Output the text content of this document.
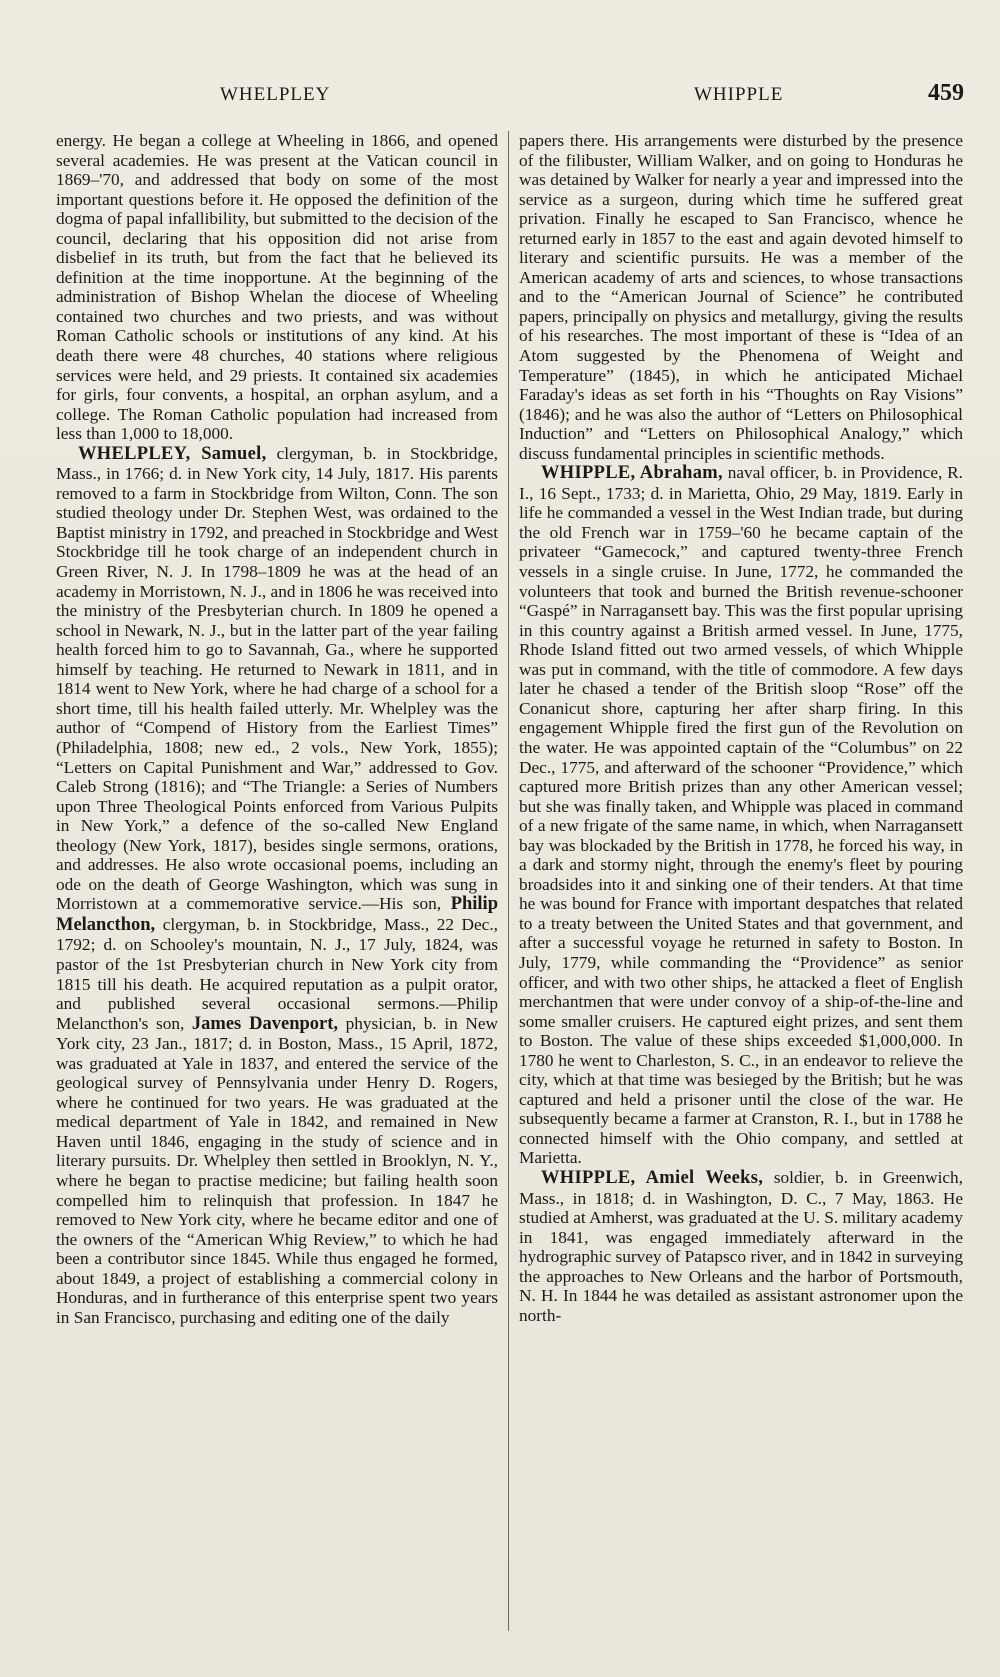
WHELPLEY	WHIPPLE	459

energy. He began a college at Wheeling in 1866, and opened several academies. He was present at the Vatican council in 1869–'70, and addressed that body on some of the most important questions before it. He opposed the definition of the dogma of papal infallibility, but submitted to the decision of the council, declaring that his opposition did not arise from disbelief in its truth, but from the fact that he believed its definition at the time inopportune. At the beginning of the administration of Bishop Whelan the diocese of Wheeling contained two churches and two priests, and was without Roman Catholic schools or institutions of any kind. At his death there were 48 churches, 40 stations where religious services were held, and 29 priests. It contained six academies for girls, four convents, a hospital, an orphan asylum, and a college. The Roman Catholic population had increased from less than 1,000 to 18,000.

WHELPLEY, Samuel, clergyman, b. in Stockbridge, Mass., in 1766; d. in New York city, 14 July, 1817. His parents removed to a farm in Stockbridge from Wilton, Conn. The son studied theology under Dr. Stephen West, was ordained to the Baptist ministry in 1792, and preached in Stockbridge and West Stockbridge till he took charge of an independent church in Green River, N. J. In 1798–1809 he was at the head of an academy in Morristown, N. J., and in 1806 he was received into the ministry of the Presbyterian church. In 1809 he opened a school in Newark, N. J., but in the latter part of the year failing health forced him to go to Savannah, Ga., where he supported himself by teaching. He returned to Newark in 1811, and in 1814 went to New York, where he had charge of a school for a short time, till his health failed utterly. Mr. Whelpley was the author of “Compend of History from the Earliest Times” (Philadelphia, 1808; new ed., 2 vols., New York, 1855); “Letters on Capital Punishment and War,” addressed to Gov. Caleb Strong (1816); and “The Triangle: a Series of Numbers upon Three Theological Points enforced from Various Pulpits in New York,” a defence of the so-called New England theology (New York, 1817), besides single sermons, orations, and addresses. He also wrote occasional poems, including an ode on the death of George Washington, which was sung in Morristown at a commemorative service.—His son, Philip Melancthon, clergyman, b. in Stockbridge, Mass., 22 Dec., 1792; d. on Schooley's mountain, N. J., 17 July, 1824, was pastor of the 1st Presbyterian church in New York city from 1815 till his death. He acquired reputation as a pulpit orator, and published several occasional sermons.—Philip Melancthon's son, James Davenport, physician, b. in New York city, 23 Jan., 1817; d. in Boston, Mass., 15 April, 1872, was graduated at Yale in 1837, and entered the service of the geological survey of Pennsylvania under Henry D. Rogers, where he continued for two years. He was graduated at the medical department of Yale in 1842, and remained in New Haven until 1846, engaging in the study of science and in literary pursuits. Dr. Whelpley then settled in Brooklyn, N. Y., where he began to practise medicine; but failing health soon compelled him to relinquish that profession. In 1847 he removed to New York city, where he became editor and one of the owners of the “American Whig Review,” to which he had been a contributor since 1845. While thus engaged he formed, about 1849, a project of establishing a commercial colony in Honduras, and in furtherance of this enterprise spent two years in San Francisco, purchasing and editing one of the daily

papers there. His arrangements were disturbed by the presence of the filibuster, William Walker, and on going to Honduras he was detained by Walker for nearly a year and impressed into the service as a surgeon, during which time he suffered great privation. Finally he escaped to San Francisco, whence he returned early in 1857 to the east and again devoted himself to literary and scientific pursuits. He was a member of the American academy of arts and sciences, to whose transactions and to the “American Journal of Science” he contributed papers, principally on physics and metallurgy, giving the results of his researches. The most important of these is “Idea of an Atom suggested by the Phenomena of Weight and Temperature” (1845), in which he anticipated Michael Faraday's ideas as set forth in his “Thoughts on Ray Visions” (1846); and he was also the author of “Letters on Philosophical Induction” and “Letters on Philosophical Analogy,” which discuss fundamental principles in scientific methods.

WHIPPLE, Abraham, naval officer, b. in Providence, R. I., 16 Sept., 1733; d. in Marietta, Ohio, 29 May, 1819. Early in life he commanded a vessel in the West Indian trade, but during the old French war in 1759–'60 he became captain of the privateer “Gamecock,” and captured twenty-three French vessels in a single cruise. In June, 1772, he commanded the volunteers that took and burned the British revenue-schooner “Gaspé” in Narragansett bay. This was the first popular uprising in this country against a British armed vessel. In June, 1775, Rhode Island fitted out two armed vessels, of which Whipple was put in command, with the title of commodore. A few days later he chased a tender of the British sloop “Rose” off the Conanicut shore, capturing her after sharp firing. In this engagement Whipple fired the first gun of the Revolution on the water. He was appointed captain of the “Columbus” on 22 Dec., 1775, and afterward of the schooner “Providence,” which captured more British prizes than any other American vessel; but she was finally taken, and Whipple was placed in command of a new frigate of the same name, in which, when Narragansett bay was blockaded by the British in 1778, he forced his way, in a dark and stormy night, through the enemy's fleet by pouring broadsides into it and sinking one of their tenders. At that time he was bound for France with important despatches that related to a treaty between the United States and that government, and after a successful voyage he returned in safety to Boston. In July, 1779, while commanding the “Providence” as senior officer, and with two other ships, he attacked a fleet of English merchantmen that were under convoy of a ship-of-the-line and some smaller cruisers. He captured eight prizes, and sent them to Boston. The value of these ships exceeded $1,000,000. In 1780 he went to Charleston, S. C., in an endeavor to relieve the city, which at that time was besieged by the British; but he was captured and held a prisoner until the close of the war. He subsequently became a farmer at Cranston, R. I., but in 1788 he connected himself with the Ohio company, and settled at Marietta.

WHIPPLE, Amiel Weeks, soldier, b. in Greenwich, Mass., in 1818; d. in Washington, D. C., 7 May, 1863. He studied at Amherst, was graduated at the U. S. military academy in 1841, was engaged immediately afterward in the hydrographic survey of Patapsco river, and in 1842 in surveying the approaches to New Orleans and the harbor of Portsmouth, N. H. In 1844 he was detailed as assistant astronomer upon the north-
